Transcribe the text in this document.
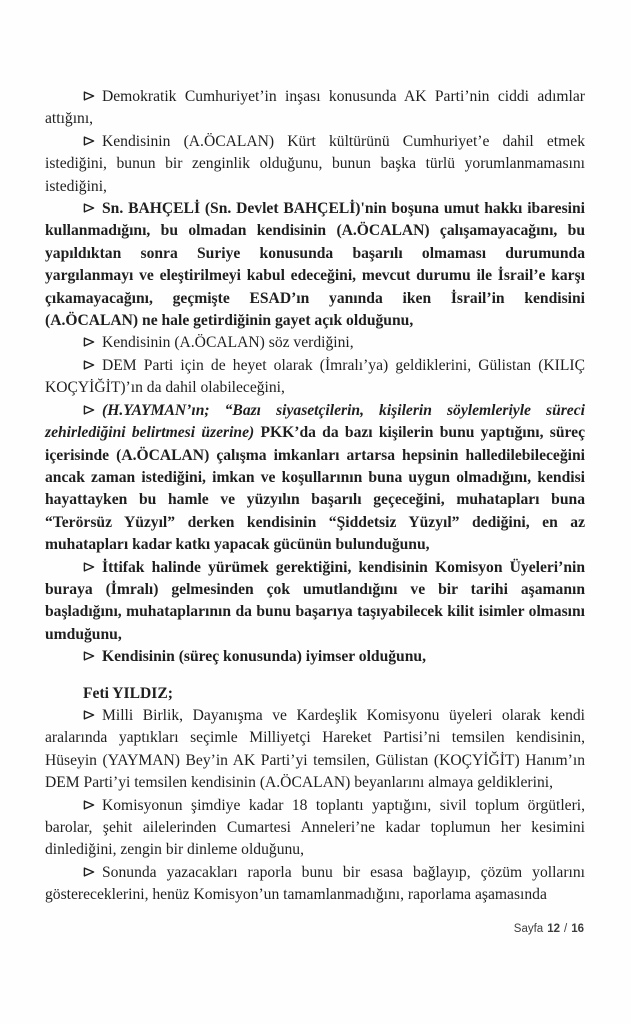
Demokratik Cumhuriyet’in inşası konusunda AK Parti’nin ciddi adımlar attığını,

Kendisinin (A.ÖCALAN) Kürt kültürünü Cumhuriyet’e dahil etmek istediğini, bunun bir zenginlik olduğunu, bunun başka türlü yorumlanmamasını istediğini,

Sn. BAHÇELİ (Sn. Devlet BAHÇELİ)'nin boşuna umut hakkı ibaresini kullanmadığını, bu olmadan kendisinin (A.ÖCALAN) çalışamayacağını, bu yapıldıktan sonra Suriye konusunda başarılı olmaması durumunda yargılanmayı ve eleştirilmeyi kabul edeceğini, mevcut durumu ile İsrail’e karşı çıkamayacağını, geçmişte ESAD’ın yanında iken İsrail’in kendisini (A.ÖCALAN) ne hale getirdiğinin gayet açık olduğunu,

Kendisinin (A.ÖCALAN) söz verdiğini,

DEM Parti için de heyet olarak (İmralı’ya) geldiklerini, Gülistan (KILIÇ KOÇYİĞİT)’ın da dahil olabileceğini,

(H.YAYMAN’ın; “Bazı siyasetçilerin, kişilerin söylemleriyle süreci zehirlediğini belirtmesi üzerine) PKK’da da bazı kişilerin bunu yaptığını, süreç içerisinde (A.ÖCALAN) çalışma imkanları artarsa hepsinin halledilebileceğini ancak zaman istediğini, imkan ve koşullarının buna uygun olmadığını, kendisi hayattayken bu hamle ve yüzyılın başarılı geçeceğini, muhatapları buna “Terörsüz Yüzyıl” derken kendisinin “Şiddetsiz Yüzyıl” dediğini, en az muhatapları kadar katkı yapacak gücünün bulunduğunu,

İttifak halinde yürümek gerektiğini, kendisinin Komisyon Üyeleri’nin buraya (İmralı) gelmesinden çok umutlandığını ve bir tarihi aşamanın başladığını, muhataplarının da bunu başarıya taşıyabilecek kilit isimler olmasını umduğunu,

Kendisinin (süreç konusunda) iyimser olduğunu,

Feti YILDIZ;

Milli Birlik, Dayanışma ve Kardeşlik Komisyonu üyeleri olarak kendi aralarında yaptıkları seçimle Milliyetçi Hareket Partisi’ni temsilen kendisinin, Hüseyin (YAYMAN) Bey’in AK Parti’yi temsilen, Gülistan (KOÇYİĞİT) Hanım’ın DEM Parti’yi temsilen kendisinin (A.ÖCALAN) beyanlarını almaya geldiklerini,

Komisyonun şimdiye kadar 18 toplantı yaptığını, sivil toplum örgütleri, barolar, şehit ailelerinden Cumartesi Anneleri’ne kadar toplumun her kesimini dinlediğini, zengin bir dinleme olduğunu,

Sonunda yazacakları raporla bunu bir esasa bağlayıp, çözüm yollarını göstereceklerini, henüz Komisyon’un tamamlanmadığını, raporlama aşamasında

Sayfa 12 / 16
